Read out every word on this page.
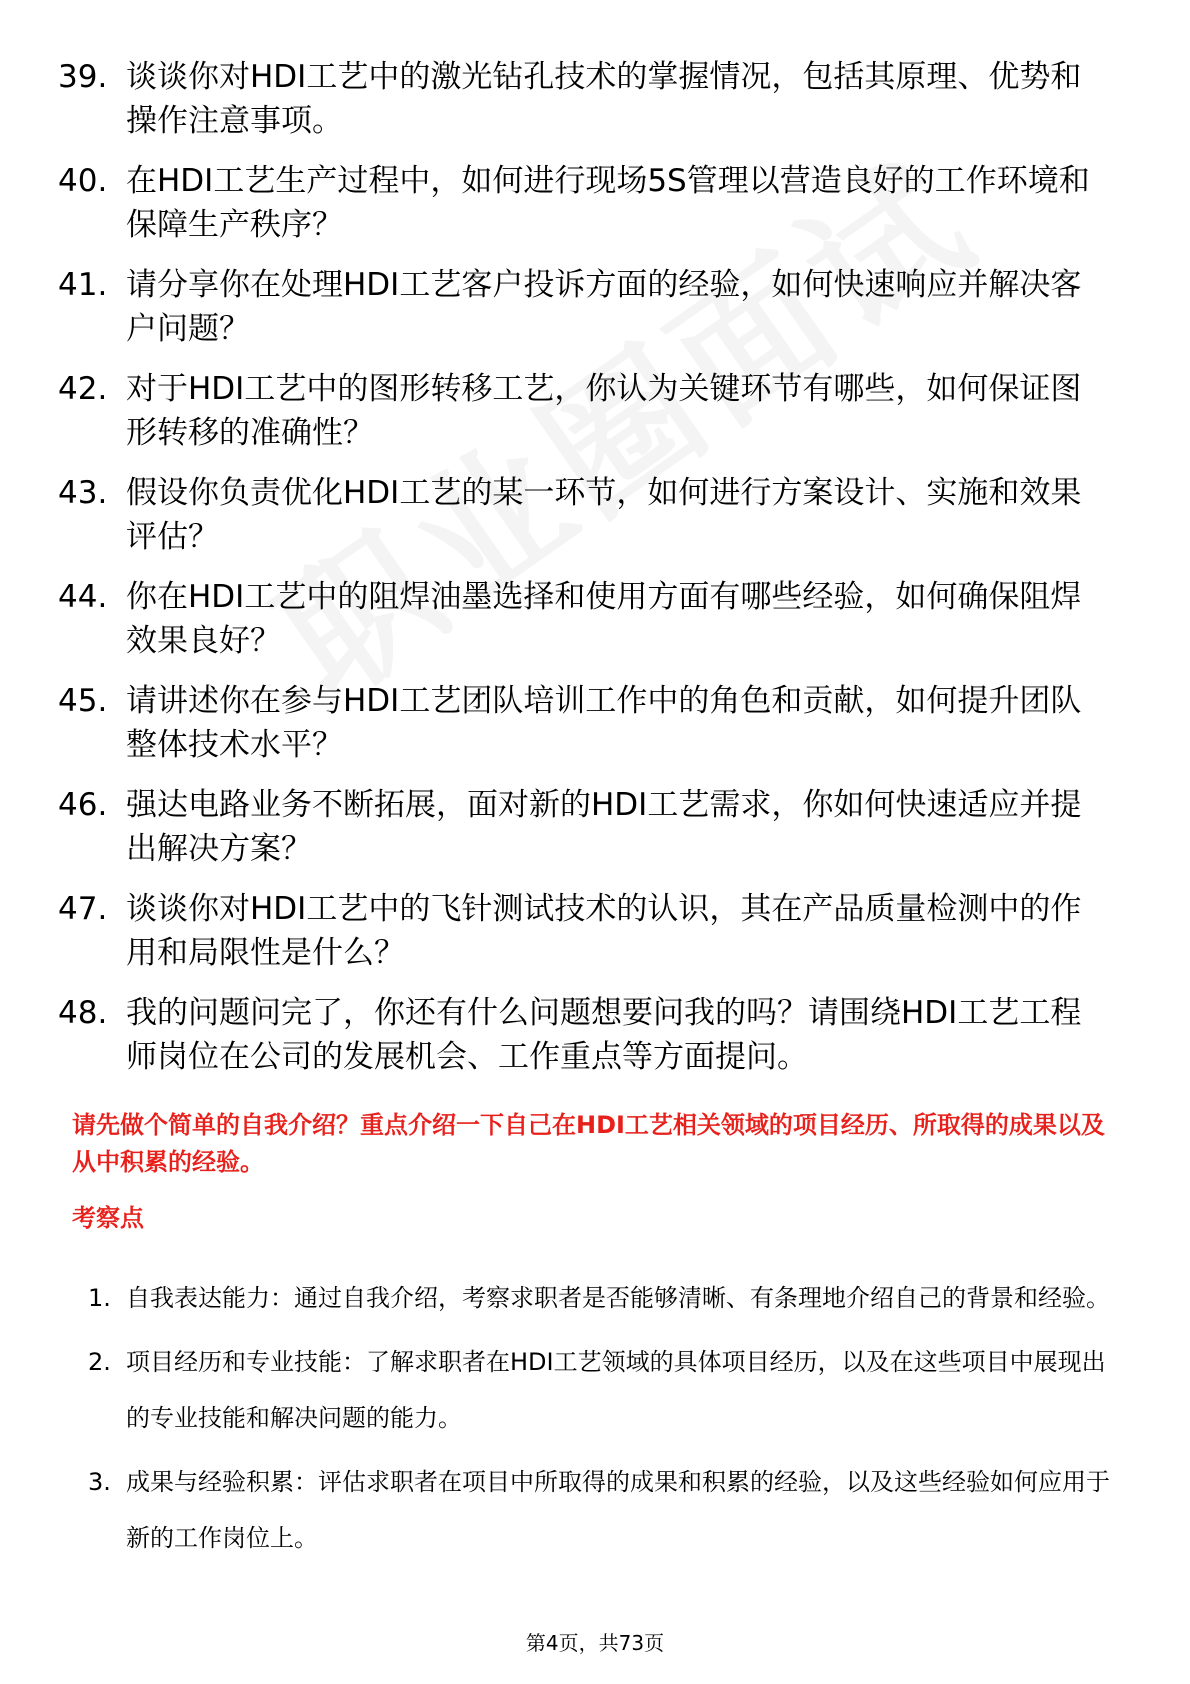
39. 谈谈你对HDI工艺中的激光钻孔技术的掌握情况，包括其原理、优势和操作注意事项。
40. 在HDI工艺生产过程中，如何进行现场5S管理以营造良好的工作环境和保障生产秩序？
41. 请分享你在处理HDI工艺客户投诉方面的经验，如何快速响应并解决客户问题？
42. 对于HDI工艺中的图形转移工艺，你认为关键环节有哪些，如何保证图形转移的准确性？
43. 假设你负责优化HDI工艺的某一环节，如何进行方案设计、实施和效果评估？
44. 你在HDI工艺中的阻焊油墨选择和使用方面有哪些经验，如何确保阻焊效果良好？
45. 请讲述你在参与HDI工艺团队培训工作中的角色和贡献，如何提升团队整体技术水平？
46. 强达电路业务不断拓展，面对新的HDI工艺需求，你如何快速适应并提出解决方案？
47. 谈谈你对HDI工艺中的飞针测试技术的认识，其在产品质量检测中的作用和局限性是什么？
48. 我的问题问完了，你还有什么问题想要问我的吗？请围绕HDI工艺工程师岗位在公司的发展机会、工作重点等方面提问。

请先做个简单的自我介绍？重点介绍一下自己在HDI工艺相关领域的项目经历、所取得的成果以及从中积累的经验。

考察点
1. 自我表达能力：通过自我介绍，考察求职者是否能够清晰、有条理地介绍自己的背景和经验。
2. 项目经历和专业技能：了解求职者在HDI工艺领域的具体项目经历，以及在这些项目中展现出的专业技能和解决问题的能力。
3. 成果与经验积累：评估求职者在项目中所取得的成果和积累的经验，以及这些经验如何应用于新的工作岗位上。
第4页，共73页
